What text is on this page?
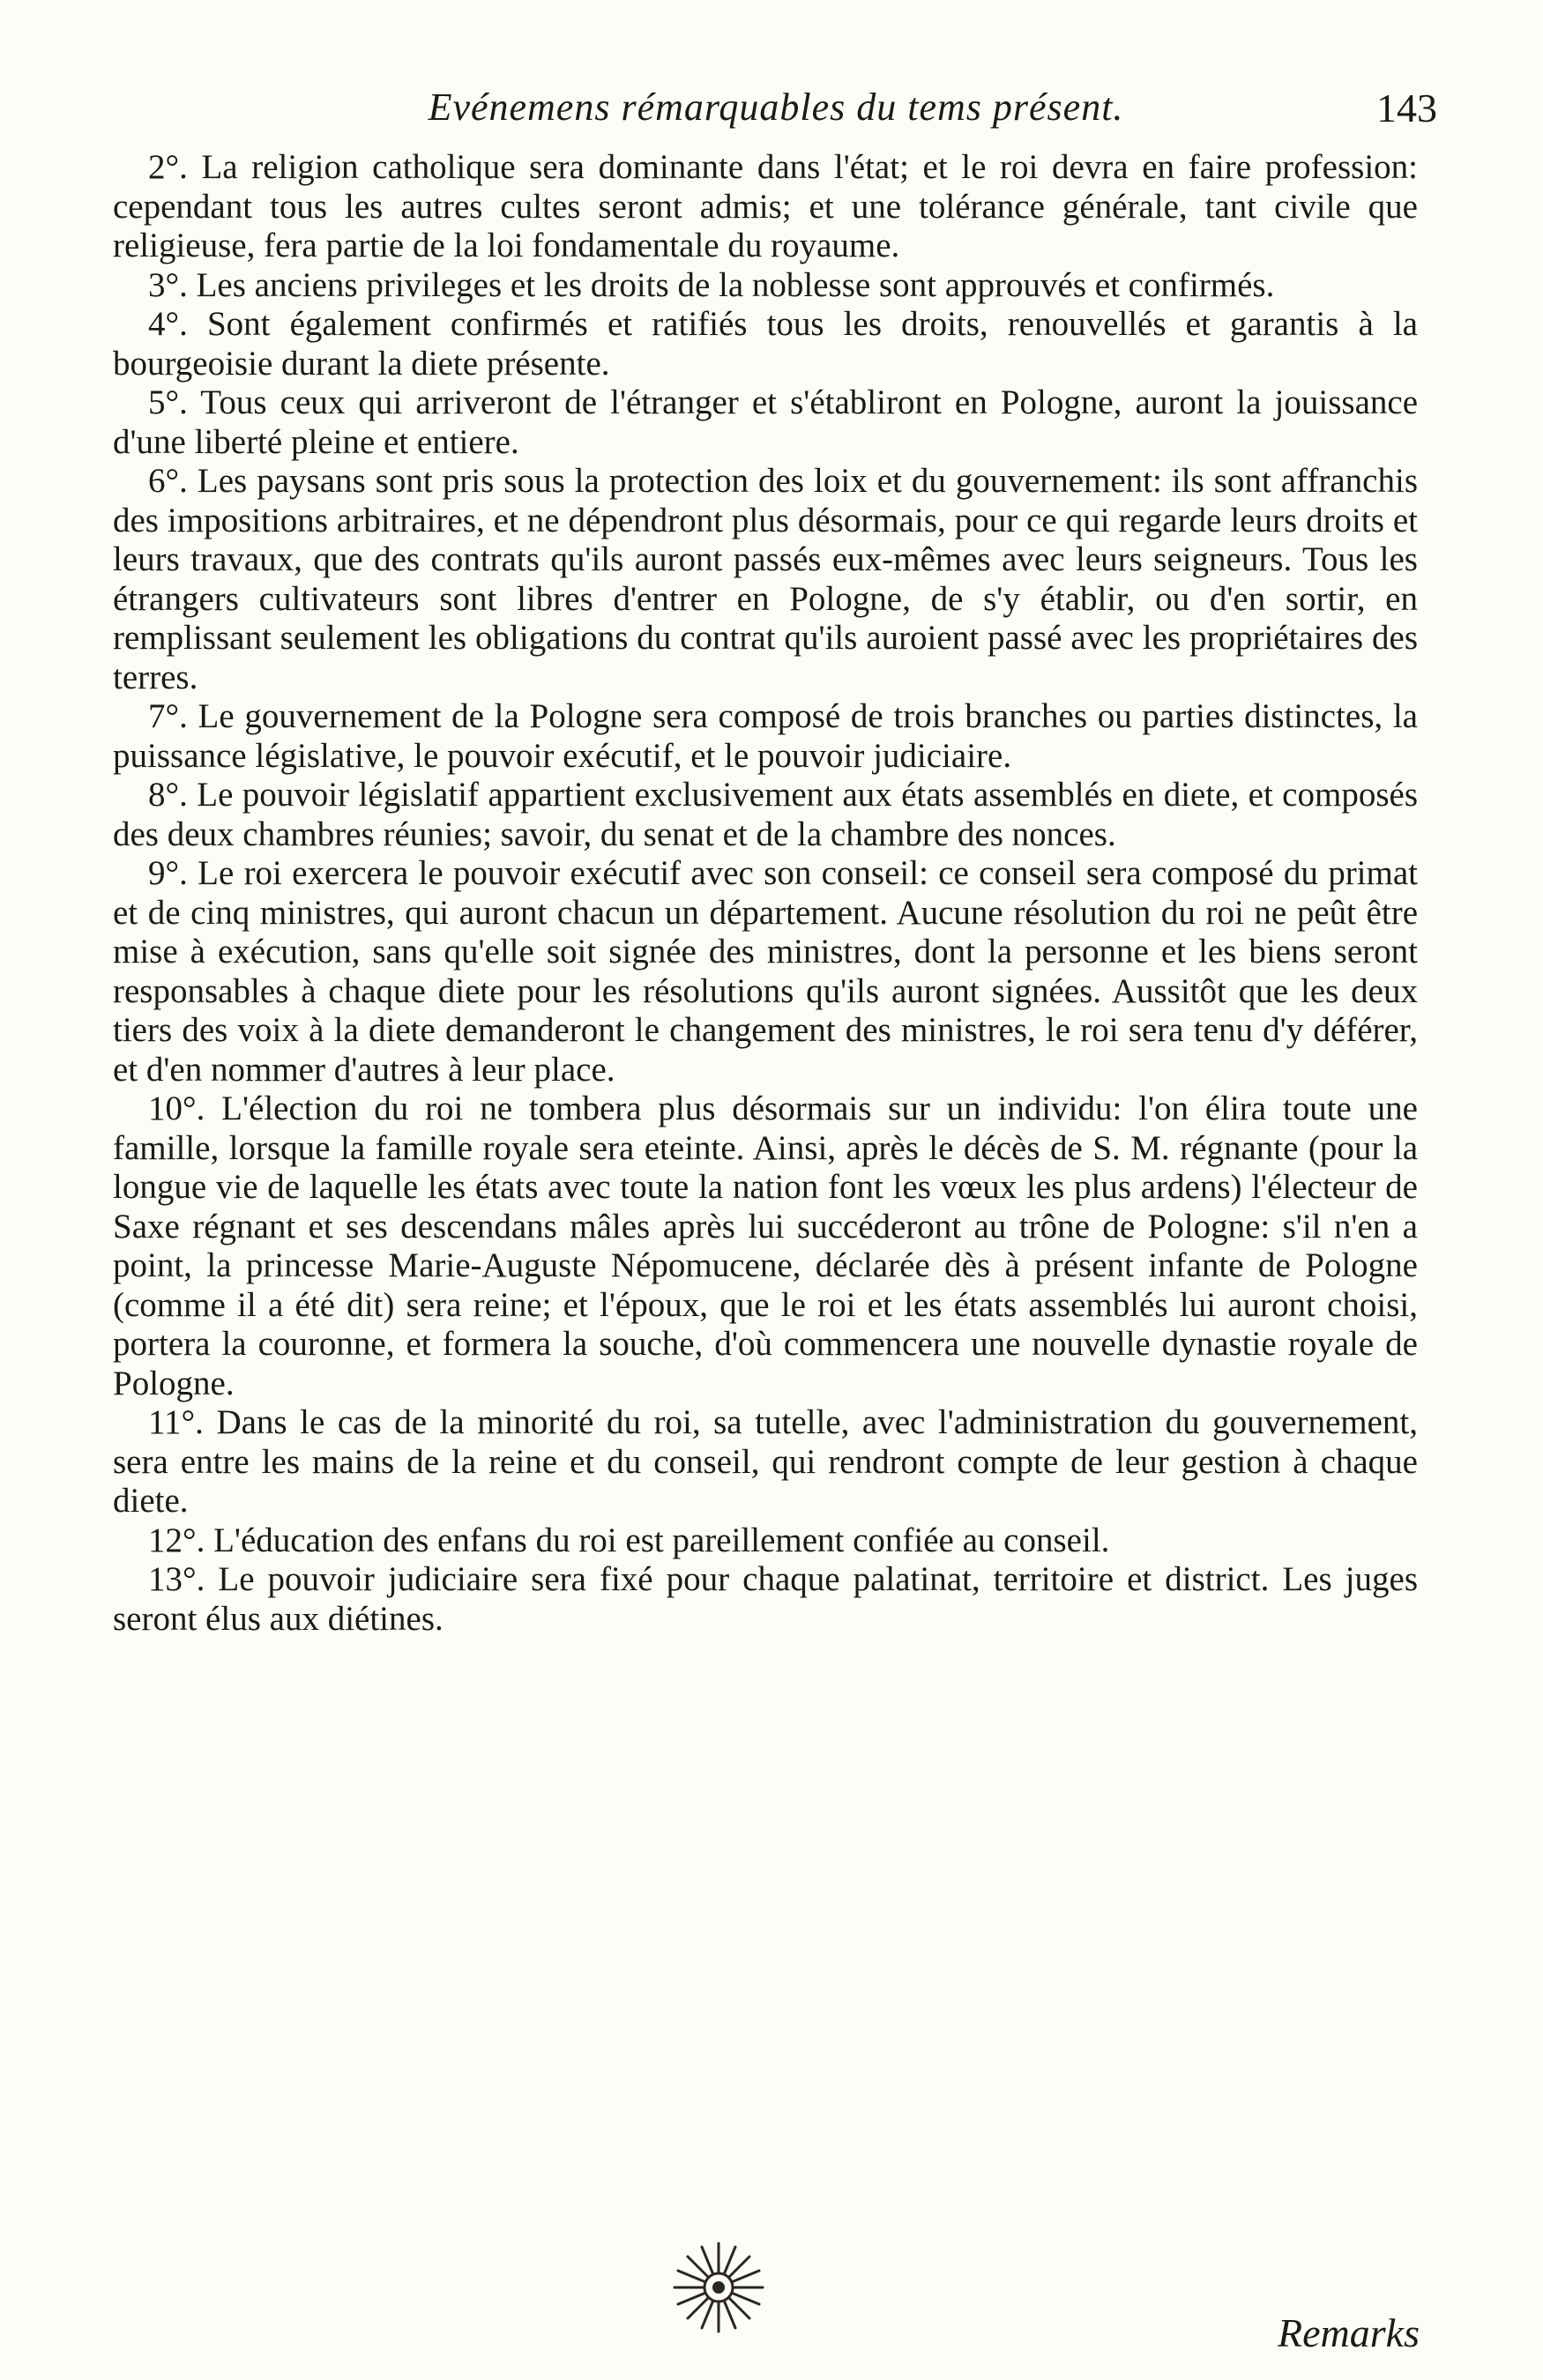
Evénemens rémarquables du tems présent.	143

2°. La religion catholique sera dominante dans l'état; et le roi devra en faire profession: cependant tous les autres cultes seront admis; et une tolérance générale, tant civile que religieuse, fera partie de la loi fondamentale du royaume.

3°. Les anciens privileges et les droits de la noblesse sont approuvés et confirmés.

4°. Sont également confirmés et ratifiés tous les droits, renouvellés et garantis à la bourgeoisie durant la diete présente.

5°. Tous ceux qui arriveront de l'étranger et s'établiront en Pologne, auront la jouissance d'une liberté pleine et entiere.

6°. Les paysans sont pris sous la protection des loix et du gouvernement: ils sont affranchis des impositions arbitraires, et ne dépendront plus désormais, pour ce qui regarde leurs droits et leurs travaux, que des contrats qu'ils auront passés eux-mêmes avec leurs seigneurs. Tous les étrangers cultivateurs sont libres d'entrer en Pologne, de s'y établir, ou d'en sortir, en remplissant seulement les obligations du contrat qu'ils auroient passé avec les propriétaires des terres.

7°. Le gouvernement de la Pologne sera composé de trois branches ou parties distinctes, la puissance législative, le pouvoir exécutif, et le pouvoir judiciaire.

8°. Le pouvoir législatif appartient exclusivement aux états assemblés en diete, et composés des deux chambres réunies; savoir, du senat et de la chambre des nonces.

9°. Le roi exercera le pouvoir exécutif avec son conseil: ce conseil sera composé du primat et de cinq ministres, qui auront chacun un département. Aucune résolution du roi ne peût être mise à exécution, sans qu'elle soit signée des ministres, dont la personne et les biens seront responsables à chaque diete pour les résolutions qu'ils auront signées. Aussitôt que les deux tiers des voix à la diete demanderont le changement des ministres, le roi sera tenu d'y déférer, et d'en nommer d'autres à leur place.

10°. L'élection du roi ne tombera plus désormais sur un individu: l'on élira toute une famille, lorsque la famille royale sera eteinte. Ainsi, après le décès de S. M. régnante (pour la longue vie de laquelle les états avec toute la nation font les vœux les plus ardens) l'électeur de Saxe régnant et ses descendans mâles après lui succéderont au trône de Pologne: s'il n'en a point, la princesse Marie-Auguste Népomucene, déclarée dès à présent infante de Pologne (comme il a été dit) sera reine; et l'époux, que le roi et les états assemblés lui auront choisi, portera la couronne, et formera la souche, d'où commencera une nouvelle dynastie royale de Pologne.

11°. Dans le cas de la minorité du roi, sa tutelle, avec l'administration du gouvernement, sera entre les mains de la reine et du conseil, qui rendront compte de leur gestion à chaque diete.

12°. L'éducation des enfans du roi est pareillement confiée au conseil.

13°. Le pouvoir judiciaire sera fixé pour chaque palatinat, territoire et district. Les juges seront élus aux diétines.

Remarks
